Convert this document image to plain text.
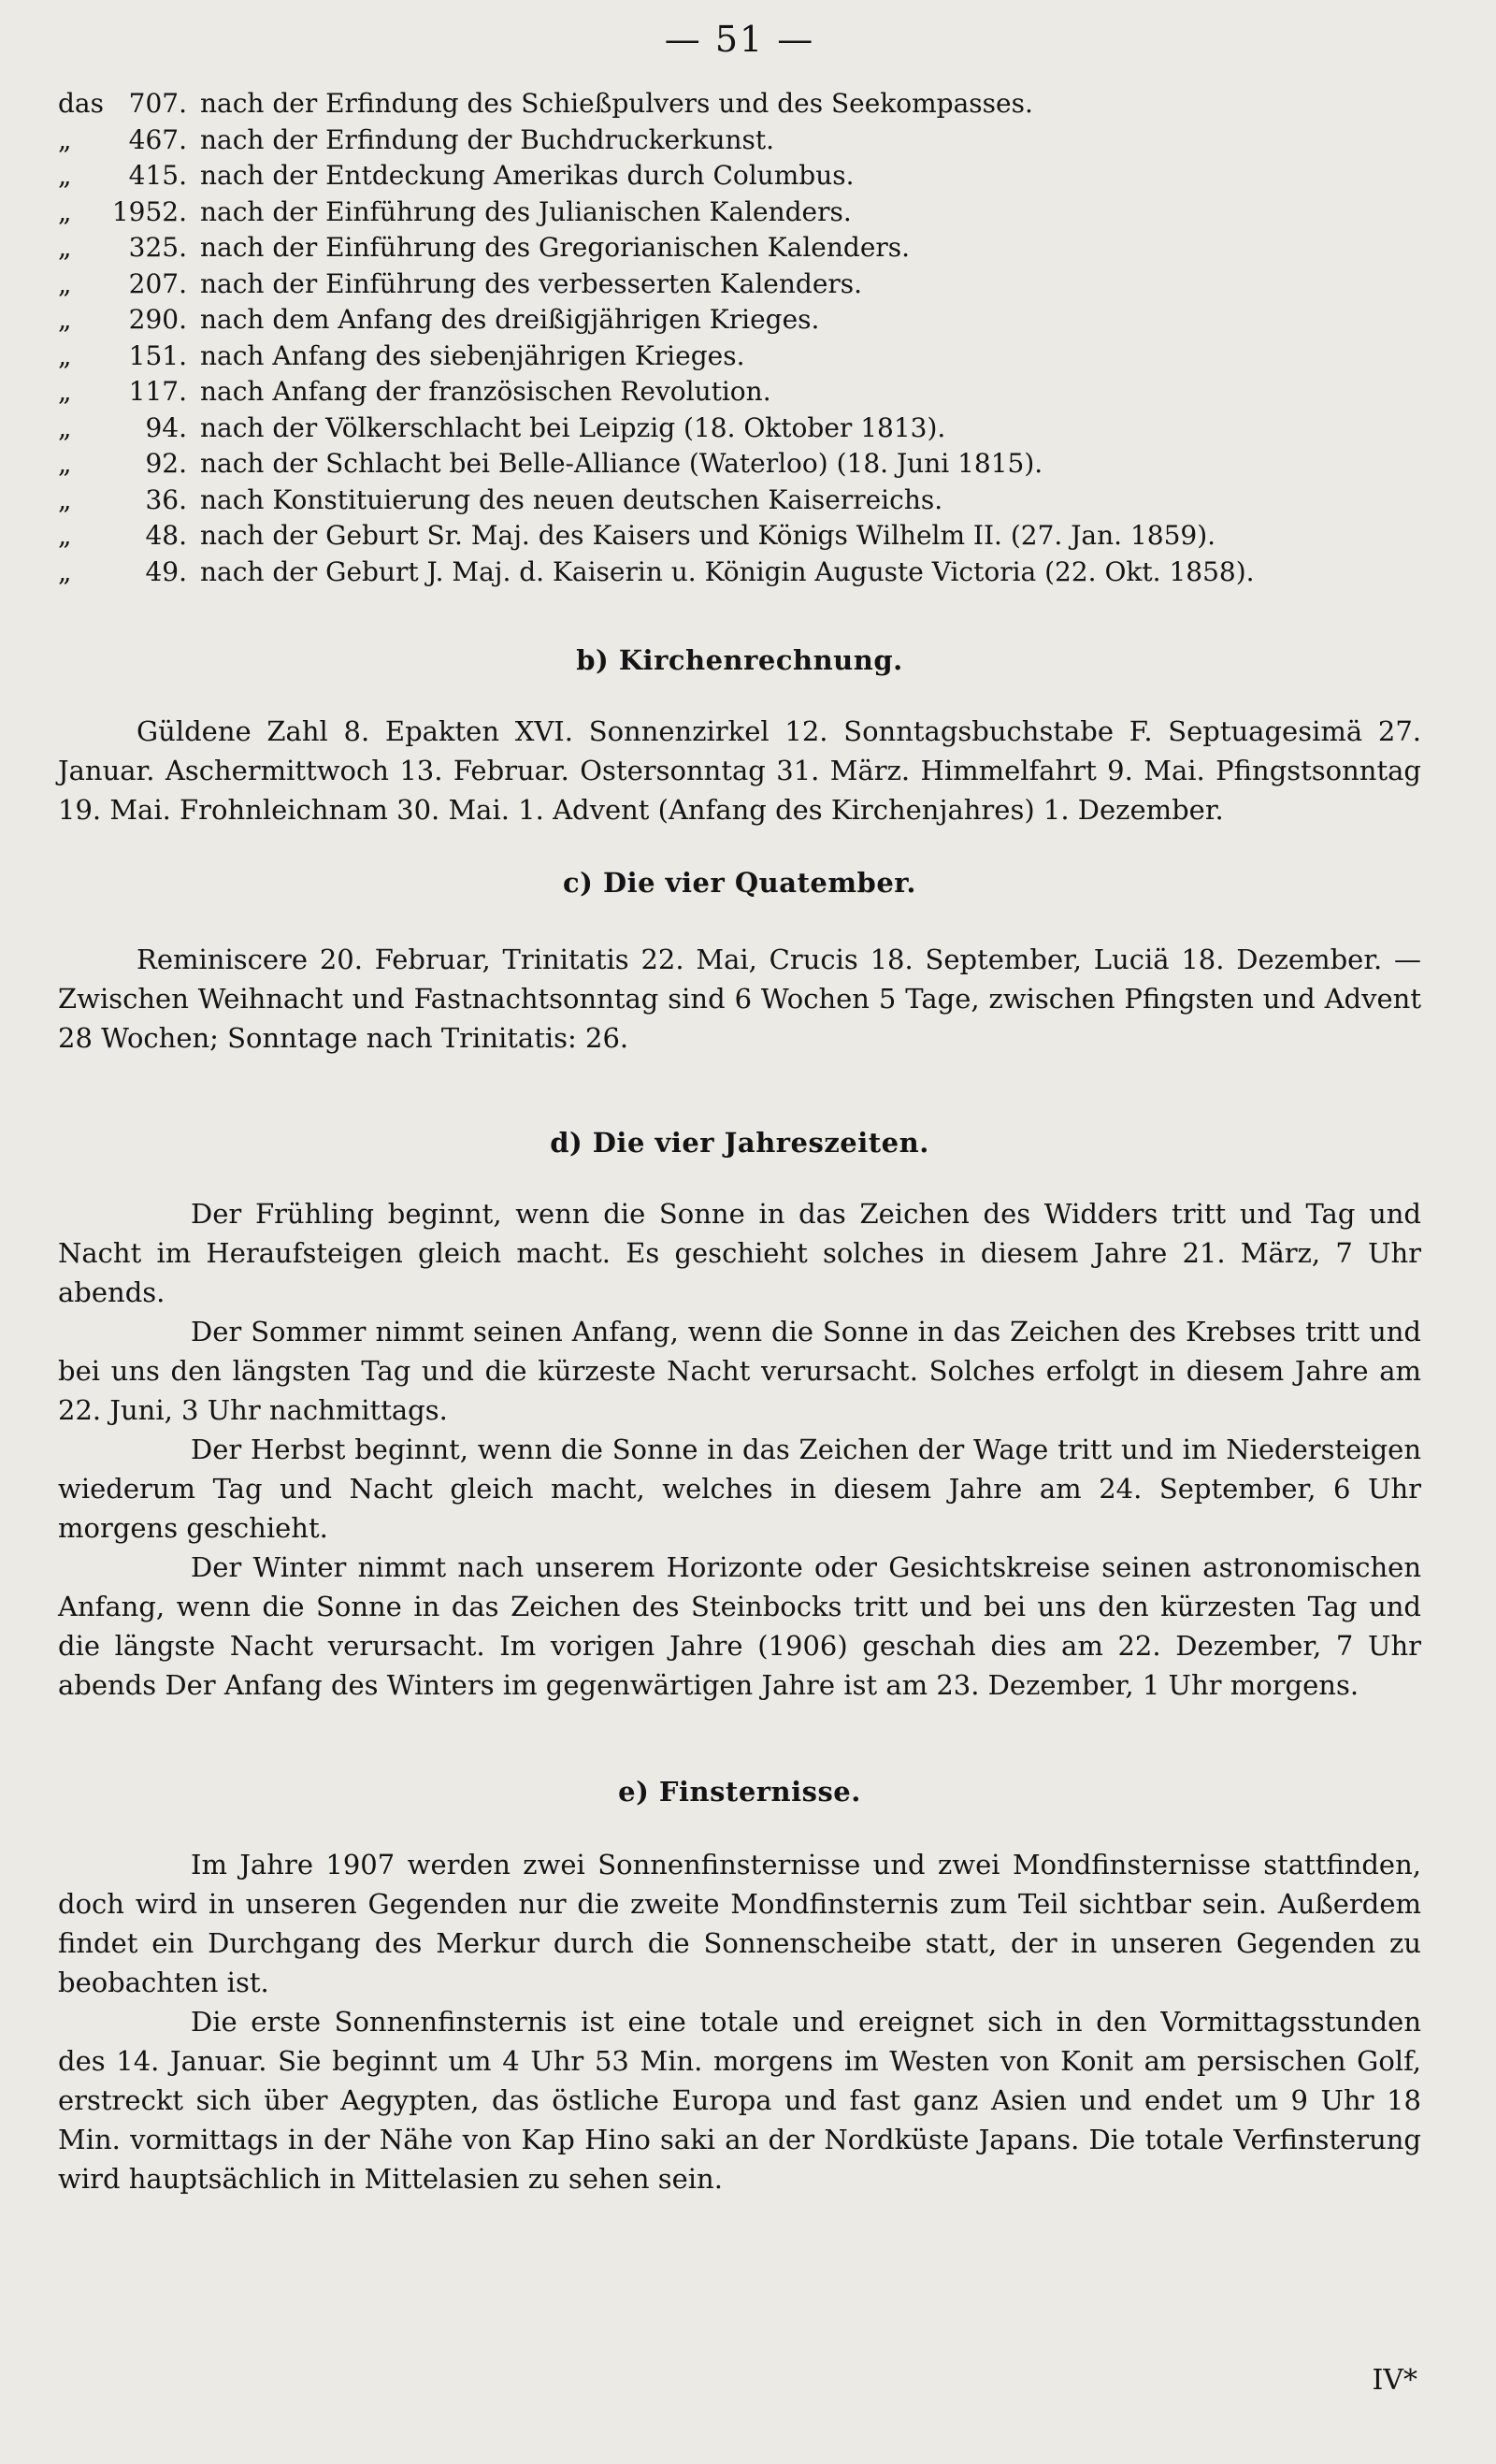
— 51 —
das 707. nach der Erfindung des Schießpulvers und des Seekompasses.
„	467. nach der Erfindung der Buchdruckerkunst.
„	415. nach der Entdeckung Amerikas durch Columbus.
„	1952. nach der Einführung des Julianischen Kalenders.
„	325. nach der Einführung des Gregorianischen Kalenders.
„	207. nach der Einführung des verbesserten Kalenders.
„	290. nach dem Anfang des dreißigjährigen Krieges.
„	151. nach Anfang des siebenjährigen Krieges.
„	117. nach Anfang der französischen Revolution.
„	94. nach der Völkerschlacht bei Leipzig (18. Oktober 1813).
„	92. nach der Schlacht bei Belle-Alliance (Waterloo) (18. Juni 1815).
„	36. nach Konstituierung des neuen deutschen Kaiserreichs.
„	48. nach der Geburt Sr. Maj. des Kaisers und Königs Wilhelm II. (27. Jan. 1859).
„	49. nach der Geburt J. Maj. d. Kaiserin u. Königin Auguste Victoria (22. Okt. 1858).
b) Kirchenrechnung.

Güldene Zahl 8. Epakten XVI. Sonnenzirkel 12. Sonntagsbuchstabe F. Septuagesimä 27. Januar. Aschermittwoch 13. Februar. Ostersonntag 31. März. Himmelfahrt 9. Mai. Pfingstsonntag 19. Mai. Frohnleichnam 30. Mai. 1. Advent (Anfang des Kirchenjahres) 1. Dezember.

c) Die vier Quatember.

Reminiscere 20. Februar, Trinitatis 22. Mai, Crucis 18. September, Luciä 18. Dezember. — Zwischen Weihnacht und Fastnachtsonntag sind 6 Wochen 5 Tage, zwischen Pfingsten und Advent 28 Wochen; Sonntage nach Trinitatis: 26.

d) Die vier Jahreszeiten.

Der Frühling beginnt, wenn die Sonne in das Zeichen des Widders tritt und Tag und Nacht im Heraufsteigen gleich macht. Es geschieht solches in diesem Jahre 21. März, 7 Uhr abends.

Der Sommer nimmt seinen Anfang, wenn die Sonne in das Zeichen des Krebses tritt und bei uns den längsten Tag und die kürzeste Nacht verursacht. Solches erfolgt in diesem Jahre am 22. Juni, 3 Uhr nachmittags.

Der Herbst beginnt, wenn die Sonne in das Zeichen der Wage tritt und im Niedersteigen wiederum Tag und Nacht gleich macht, welches in diesem Jahre am 24. September, 6 Uhr morgens geschieht.

Der Winter nimmt nach unserem Horizonte oder Gesichtskreise seinen astronomischen Anfang, wenn die Sonne in das Zeichen des Steinbocks tritt und bei uns den kürzesten Tag und die längste Nacht verursacht. Im vorigen Jahre (1906) geschah dies am 22. Dezember, 7 Uhr abends Der Anfang des Winters im gegenwärtigen Jahre ist am 23. Dezember, 1 Uhr morgens.

e) Finsternisse.

Im Jahre 1907 werden zwei Sonnenfinsternisse und zwei Mondfinsternisse stattfinden, doch wird in unseren Gegenden nur die zweite Mondfinsternis zum Teil sichtbar sein. Außerdem findet ein Durchgang des Merkur durch die Sonnenscheibe statt, der in unseren Gegenden zu beobachten ist.

Die erste Sonnenfinsternis ist eine totale und ereignet sich in den Vormittagsstunden des 14. Januar. Sie beginnt um 4 Uhr 53 Min. morgens im Westen von Konit am persischen Golf, erstreckt sich über Aegypten, das östliche Europa und fast ganz Asien und endet um 9 Uhr 18 Min. vormittags in der Nähe von Kap Hino saki an der Nordküste Japans. Die totale Verfinsterung wird hauptsächlich in Mittelasien zu sehen sein.

IV*
